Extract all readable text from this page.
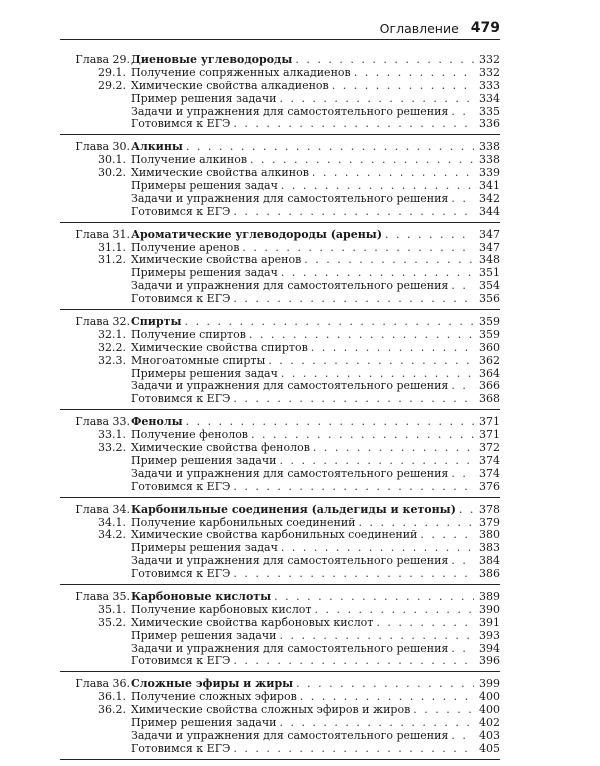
Оглавление 479
Глава 29. Диеновые углеводороды . . .	332
29.1. Получение сопряженных алкадиенов . . .	332
29.2. Химические свойства алкадиенов . . .	333
Пример решения задачи . . .	334
Задачи и упражнения для самостоятельного решения . . .	335
Готовимся к ЕГЭ . . .	336
Глава 30. Алкины . . .	338
30.1. Получение алкинов . . .	338
30.2. Химические свойства алкинов . . .	339
Примеры решения задач . . .	341
Задачи и упражнения для самостоятельного решения . . .	342
Готовимся к ЕГЭ . . .	344
Глава 31. Ароматические углеводороды (арены) . . .	347
31.1. Получение аренов . . .	347
31.2. Химические свойства аренов . . .	348
Примеры решения задач . . .	351
Задачи и упражнения для самостоятельного решения . . .	354
Готовимся к ЕГЭ . . .	356
Глава 32. Спирты . . .	359
32.1. Получение спиртов . . .	359
32.2. Химические свойства спиртов . . .	360
32.3. Многоатомные спирты . . .	362
Примеры решения задач . . .	364
Задачи и упражнения для самостоятельного решения . . .	366
Готовимся к ЕГЭ . . .	368
Глава 33. Фенолы . . .	371
33.1. Получение фенолов . . .	371
33.2. Химические свойства фенолов . . .	372
Пример решения задачи . . .	374
Задачи и упражнения для самостоятельного решения . . .	374
Готовимся к ЕГЭ . . .	376
Глава 34. Карбонильные соединения (альдегиды и кетоны) . . .	378
34.1. Получение карбонильных соединений . . .	379
34.2. Химические свойства карбонильных соединений . . .	380
Примеры решения задач . . .	383
Задачи и упражнения для самостоятельного решения . . .	384
Готовимся к ЕГЭ . . .	386
Глава 35. Карбоновые кислоты . . .	389
35.1. Получение карбоновых кислот . . .	390
35.2. Химические свойства карбоновых кислот . . .	391
Пример решения задачи . . .	393
Задачи и упражнения для самостоятельного решения . . .	394
Готовимся к ЕГЭ . . .	396
Глава 36. Сложные эфиры и жиры . . .	399
36.1. Получение сложных эфиров . . .	400
36.2. Химические свойства сложных эфиров и жиров . . .	400
Пример решения задачи . . .	402
Задачи и упражнения для самостоятельного решения . . .	403
Готовимся к ЕГЭ . . .	405
